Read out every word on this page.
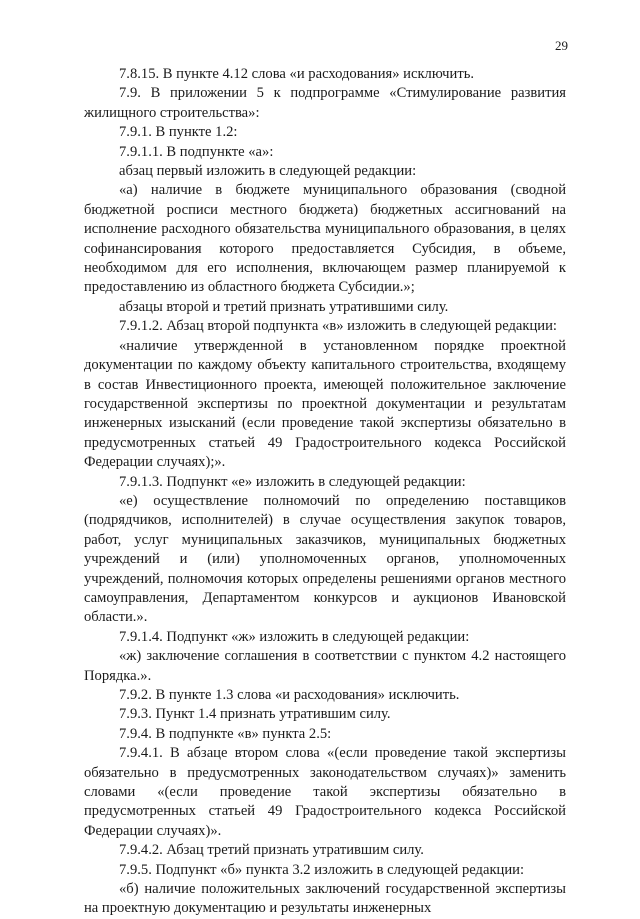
29

7.8.15. В пункте 4.12 слова «и расходования» исключить.

7.9. В приложении 5 к подпрограмме «Стимулирование развития жилищного строительства»:

7.9.1. В пункте 1.2:

7.9.1.1. В подпункте «а»:

абзац первый изложить в следующей редакции:

«а) наличие в бюджете муниципального образования (сводной бюджетной росписи местного бюджета) бюджетных ассигнований на исполнение расходного обязательства муниципального образования, в целях софинансирования которого предоставляется Субсидия, в объеме, необходимом для его исполнения, включающем размер планируемой к предоставлению из областного бюджета Субсидии.»;

абзацы второй и третий признать утратившими силу.

7.9.1.2. Абзац второй подпункта «в» изложить в следующей редакции:

«наличие утвержденной в установленном порядке проектной документации по каждому объекту капитального строительства, входящему в состав Инвестиционного проекта, имеющей положительное заключение государственной экспертизы по проектной документации и результатам инженерных изысканий (если проведение такой экспертизы обязательно в предусмотренных статьей 49 Градостроительного кодекса Российской Федерации случаях);».

7.9.1.3. Подпункт «е» изложить в следующей редакции:

«е) осуществление полномочий по определению поставщиков (подрядчиков, исполнителей) в случае осуществления закупок товаров, работ, услуг муниципальных заказчиков, муниципальных бюджетных учреждений и (или) уполномоченных органов, уполномоченных учреждений, полномочия которых определены решениями органов местного самоуправления, Департаментом конкурсов и аукционов Ивановской области.».

7.9.1.4. Подпункт «ж» изложить в следующей редакции:

«ж) заключение соглашения в соответствии с пунктом 4.2 настоящего Порядка.».

7.9.2. В пункте 1.3 слова «и расходования» исключить.

7.9.3. Пункт 1.4 признать утратившим силу.

7.9.4. В подпункте «в» пункта 2.5:

7.9.4.1. В абзаце втором слова «(если проведение такой экспертизы обязательно в предусмотренных законодательством случаях)» заменить словами «(если проведение такой экспертизы обязательно в предусмотренных статьей 49 Градостроительного кодекса Российской Федерации случаях)».

7.9.4.2. Абзац третий признать утратившим силу.

7.9.5. Подпункт «б» пункта 3.2 изложить в следующей редакции:

«б) наличие положительных заключений государственной экспертизы на проектную документацию и результаты инженерных
